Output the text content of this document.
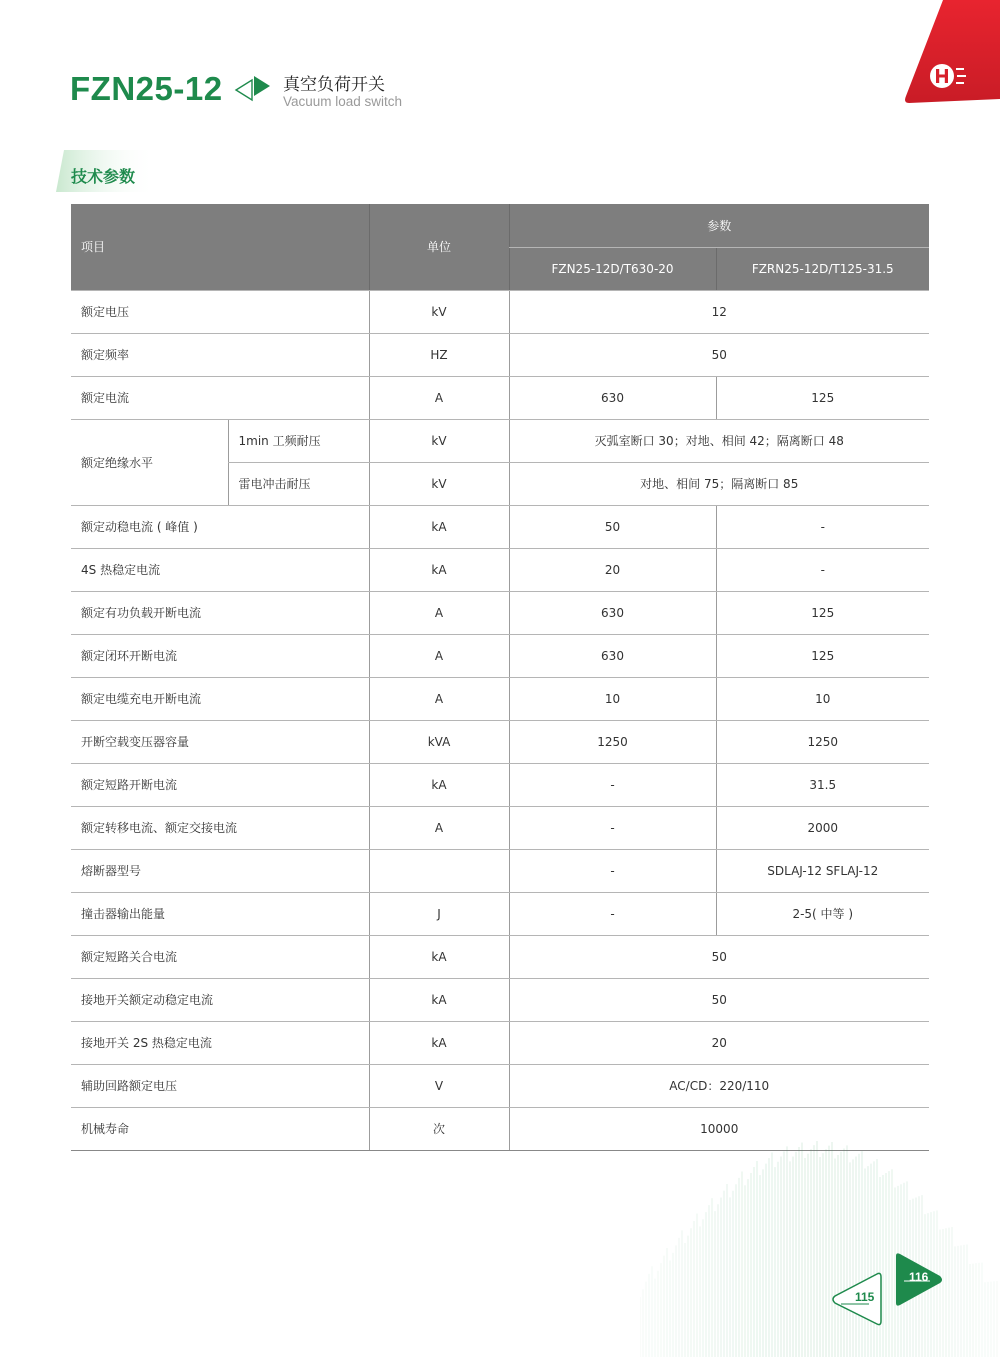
FZN25-12	真空负荷开关
Vacuum load switch
技术参数
项目		单位	参数	
			FZN25-12D/T630-20	FZRN25-12D/T125-31.5
额定电压		kV	12	
额定频率		HZ	50	
额定电流		A	630	125
额定绝缘水平	1min 工频耐压	kV	灭弧室断口 30；对地、相间 42；隔离断口 48	
	雷电冲击耐压	kV	对地、相间 75；隔离断口 85	
额定动稳电流 ( 峰值 )		kA	50	-
4S 热稳定电流		kA	20	-
额定有功负载开断电流		A	630	125
额定闭环开断电流		A	630	125
额定电缆充电开断电流		A	10	10
开断空载变压器容量		kVA	1250	1250
额定短路开断电流		kA	-	31.5
额定转移电流、额定交接电流		A	-	2000
熔断器型号			-	SDLAJ-12 SFLAJ-12
撞击器输出能量		J	-	2-5( 中等 )
额定短路关合电流		kA	50	
接地开关额定动稳定电流		kA	50	
接地开关 2S 热稳定电流		kA	20	
辅助回路额定电压		V	AC/CD：220/110	
机械寿命		次	10000	
115
116
